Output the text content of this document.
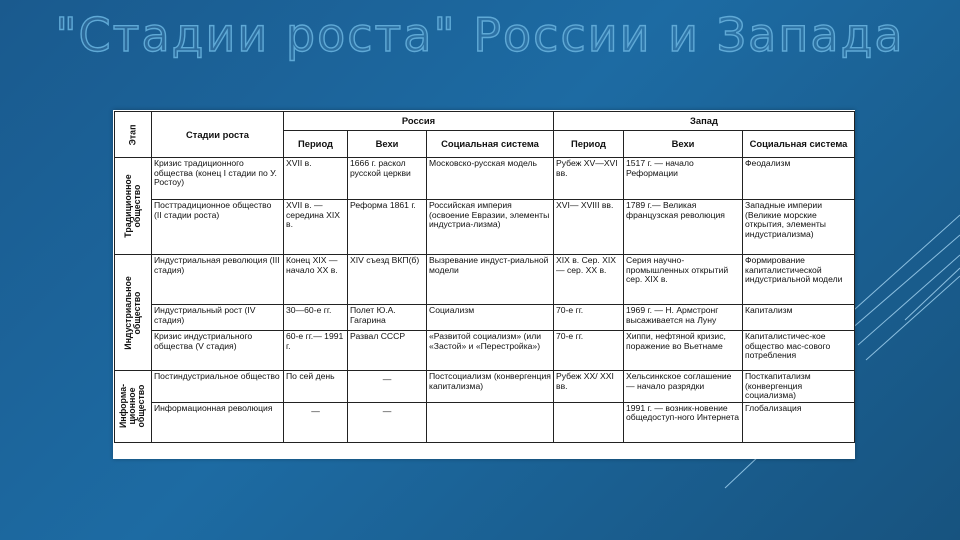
"Стадии роста" России и Запада
Этап	Стадии роста	Россия			Запад		
		Период	Вехи	Социальная система	Период	Вехи	Социальная система

Традиционное общество	Кризис традиционного общества (конец I стадии по У. Ростоу)	XVII в.	1666 г. раскол русской церкви	Московско-русская модель	Рубеж XV—XVI вв.	1517 г. — начало Реформации	Феодализм
	Посттрадиционное общество (II стадии роста)	XVII в. — середина XIX в.	Реформа 1861 г.	Российская империя (освоение Евразии, элементы индустриа-лизма)	XVI— XVIII вв.	1789 г.— Великая французская революция	Западные империи (Великие морские открытия, элементы индустриализма)

Индустриальное общество	Индустриальная революция (III стадия)	Конец XIX — начало XX в.	XIV съезд ВКП(б)	Вызревание индуст-риальной модели	XIX в. Сер. XIX — сер. XX в.	Серия научно-промышленных открытий сер. XIX в.	Формирование капиталистической индустриальной модели
	Индустриальный рост (IV стадия)	30—60-е гг.	Полет Ю.А. Гагарина	Социализм	70-е гг.	1969 г. — Н. Армстронг высаживается на Луну	Капитализм
	Кризис индустриального общества (V стадия)	60-е гг.— 1991 г.	Развал СССР	«Развитой социализм» (или «Застой» и «Перестройка»)	70-е гг.	Хиппи, нефтяной кризис, поражение во Вьетнаме	Капиталистичес-кое общество мас-сового потребления

Информа-ционное общество	Постиндустриальное общество	По сей день	—	Постсоциализм (конвергенция капитализма)	Рубеж XX/ XXI вв.	Хельсинкское соглашение — начало разрядки	Посткапитализм (конвергенция социализма)
	Информационная революция	—	—			1991 г. — возник-новение общедоступ-ного Интернета	Глобализация
